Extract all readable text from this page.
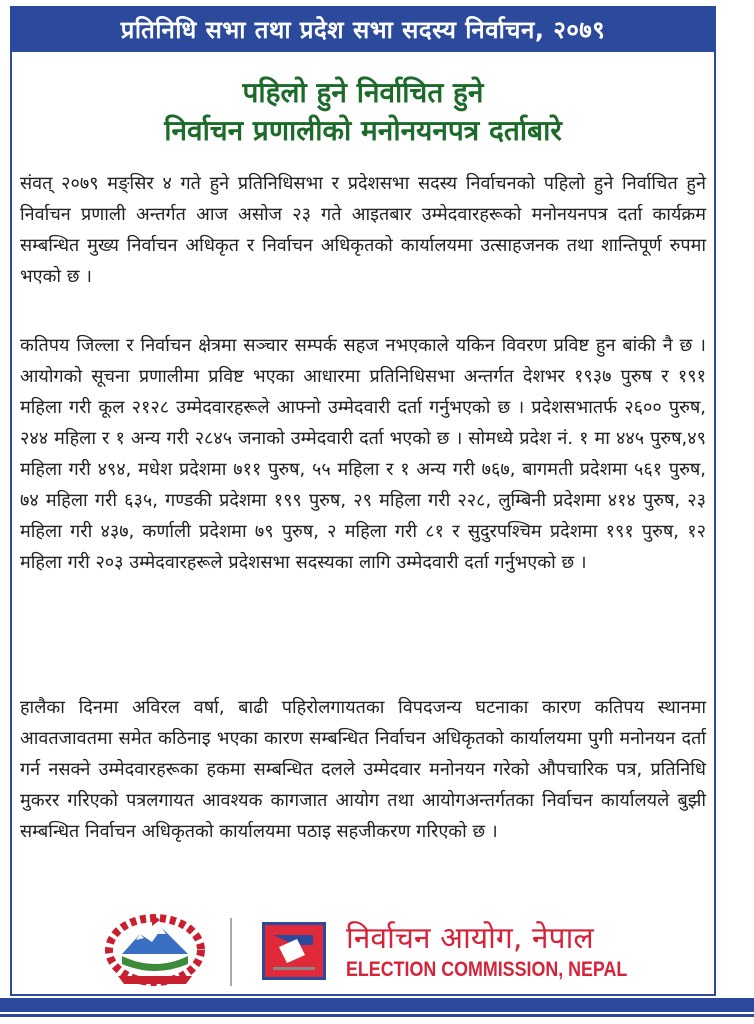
प्रतिनिधि सभा तथा प्रदेश सभा सदस्य निर्वाचन, २०७९
पहिलो हुने निर्वाचित हुने
निर्वाचन प्रणालीको मनोनयनपत्र दर्ताबारे
संवत् २०७९ मङ्सिर ४ गते हुने प्रतिनिधिसभा र प्रदेशसभा सदस्य निर्वाचनको पहिलो हुने निर्वाचित हुने निर्वाचन प्रणाली अन्तर्गत आज असोज २३ गते आइतबार उम्मेदवारहरूको मनोनयनपत्र दर्ता कार्यक्रम सम्बन्धित मुख्य निर्वाचन अधिकृत र निर्वाचन अधिकृतको कार्यालयमा उत्साहजनक तथा शान्तिपूर्ण रुपमा भएको छ ।
कतिपय जिल्ला र निर्वाचन क्षेत्रमा सञ्चार सम्पर्क सहज नभएकाले यकिन विवरण प्रविष्ट हुन बांकी नै छ । आयोगको सूचना प्रणालीमा प्रविष्ट भएका आधारमा प्रतिनिधिसभा अन्तर्गत देशभर १९३७ पुरुष र १९१ महिला गरी कूल २१२८ उम्मेदवारहरूले आफ्नो उम्मेदवारी दर्ता गर्नुभएको छ । प्रदेशसभातर्फ २६०० पुरुष, २४४ महिला र १ अन्य गरी २८४५ जनाको उम्मेदवारी दर्ता भएको छ । सोमध्ये प्रदेश नं. १ मा ४४५ पुरुष,४९ महिला गरी ४९४, मधेश प्रदेशमा ७११ पुरुष, ५५ महिला र १ अन्य गरी ७६७, बागमती प्रदेशमा ५६१ पुरुष, ७४ महिला गरी ६३५, गण्डकी प्रदेशमा १९९ पुरुष, २९ महिला गरी २२८, लुम्बिनी प्रदेशमा ४१४ पुरुष, २३ महिला गरी ४३७, कर्णाली प्रदेशमा ७९ पुरुष, २ महिला गरी ८१ र सुदुरपश्चिम प्रदेशमा १९१ पुरुष, १२ महिला गरी २०३ उम्मेदवारहरूले प्रदेशसभा सदस्यका लागि उम्मेदवारी दर्ता गर्नुभएको छ ।
हालैका दिनमा अविरल वर्षा, बाढी पहिरोलगायतका विपदजन्य घटनाका कारण कतिपय स्थानमा आवतजावतमा समेत कठिनाइ भएका कारण सम्बन्धित निर्वाचन अधिकृतको कार्यालयमा पुगी मनोनयन दर्ता गर्न नसक्ने उम्मेदवारहरूका हकमा सम्बन्धित दलले उम्मेदवार मनोनयन गरेको औपचारिक पत्र, प्रतिनिधि मुकरर गरिएको पत्रलगायत आवश्यक कागजात आयोग तथा आयोगअन्तर्गतका निर्वाचन कार्यालयले बुझी सम्बन्धित निर्वाचन अधिकृतको कार्यालयमा पठाइ सहजीकरण गरिएको छ ।
निर्वाचन आयोग, नेपाल
ELECTION COMMISSION, NEPAL
